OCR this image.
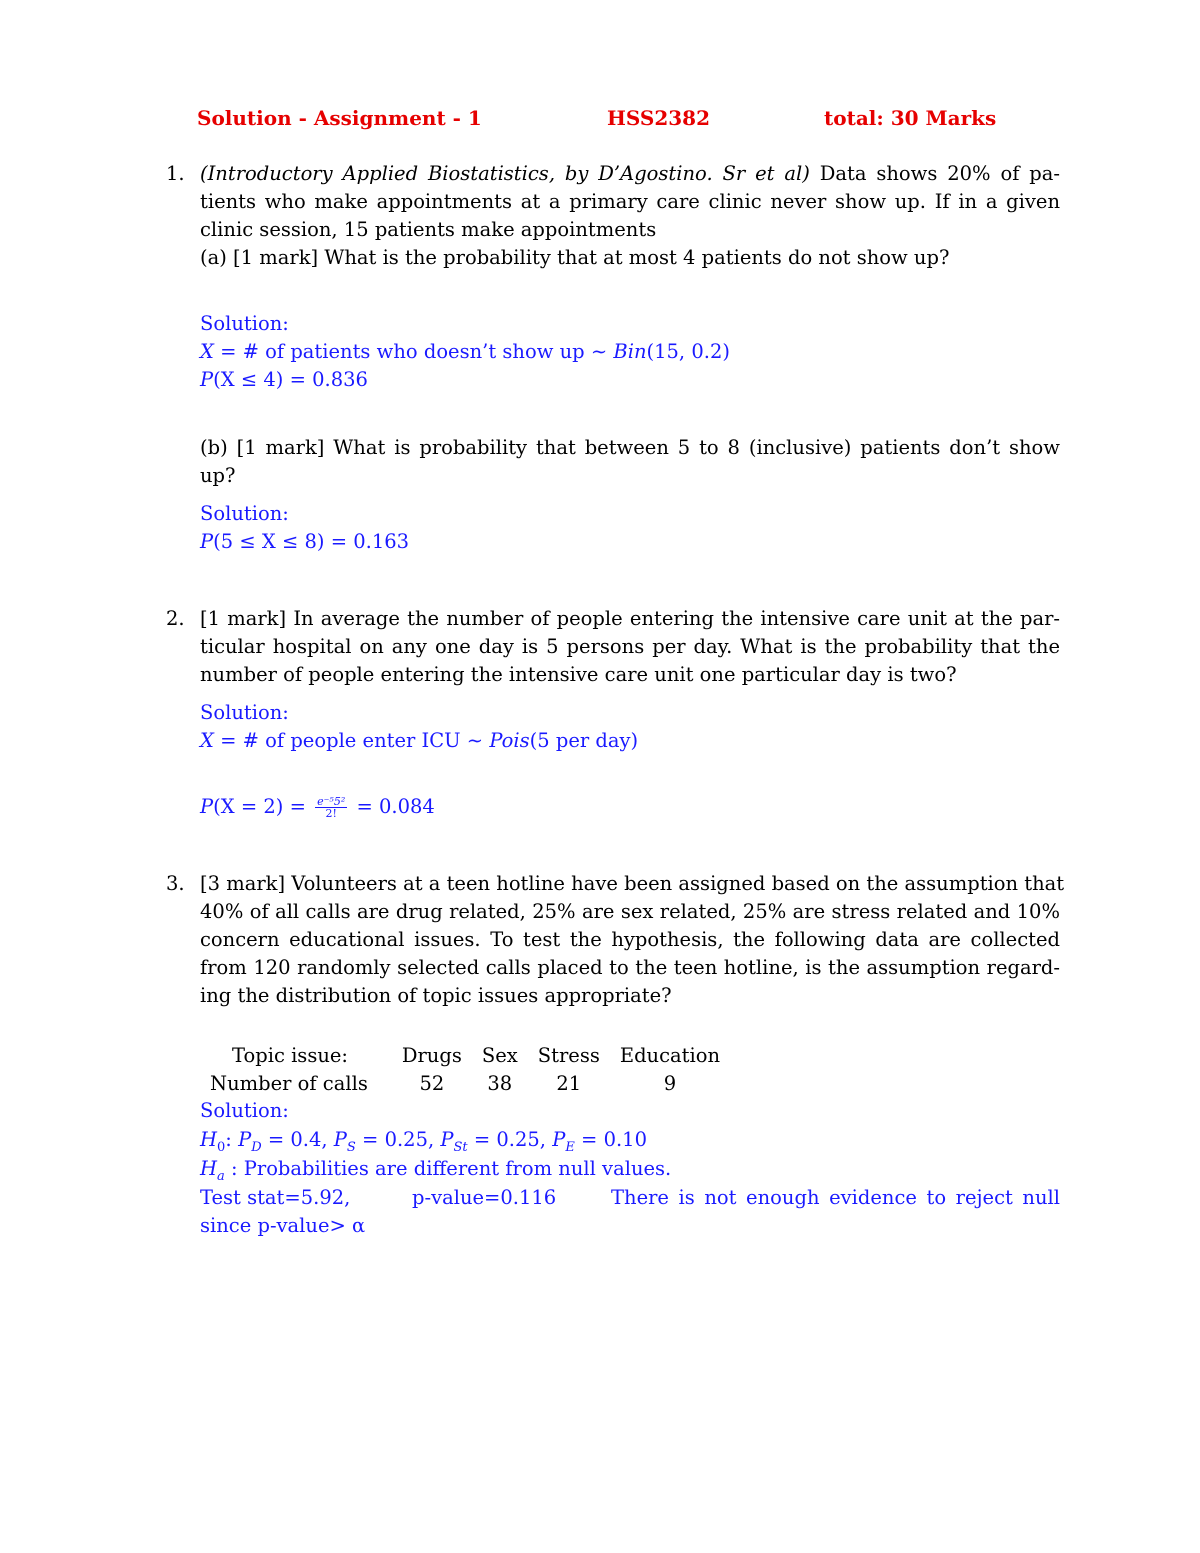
Solution - Assignment - 1	HSS2382	total: 30 Marks
1. (Introductory Applied Biostatistics, by D’Agostino. Sr et al) Data shows 20% of pa-
tients who make appointments at a primary care clinic never show up. If in a given
clinic session, 15 patients make appointments
(a) [1 mark] What is the probability that at most 4 patients do not show up?
Solution:
X = # of patients who doesn’t show up ∼ Bin(15, 0.2)
P(X ≤ 4) = 0.836
(b) [1 mark] What is probability that between 5 to 8 (inclusive) patients don’t show
up?
Solution:
P(5 ≤ X ≤ 8) = 0.163
2. [1 mark] In average the number of people entering the intensive care unit at the par-
ticular hospital on any one day is 5 persons per day. What is the probability that the
number of people entering the intensive care unit one particular day is two?
Solution:
X = # of people enter ICU ∼ Pois(5 per day)
$P(X = 2) = \frac{\text{e⁻⁵5²}}{2!} = 0.084$
3. [3 mark] Volunteers at a teen hotline have been assigned based on the assumption that
40% of all calls are drug related, 25% are sex related, 25% are stress related and 10%
concern educational issues. To test the hypothesis, the following data are collected
from 120 randomly selected calls placed to the teen hotline, is the assumption regard-
ing the distribution of topic issues appropriate?
Topic issue:	Drugs	Sex	Stress	Education
Number of calls	52	38	21	9
Solution:
$H_0$: $P_D = 0.4$, $P_S = 0.25$, $P_{St} = 0.25$, $P_E = 0.10$
$H_a$ : Probabilities are different from null values.
Test stat=5.92,	p-value=0.116	There is not enough evidence to reject null
since p-value> α
